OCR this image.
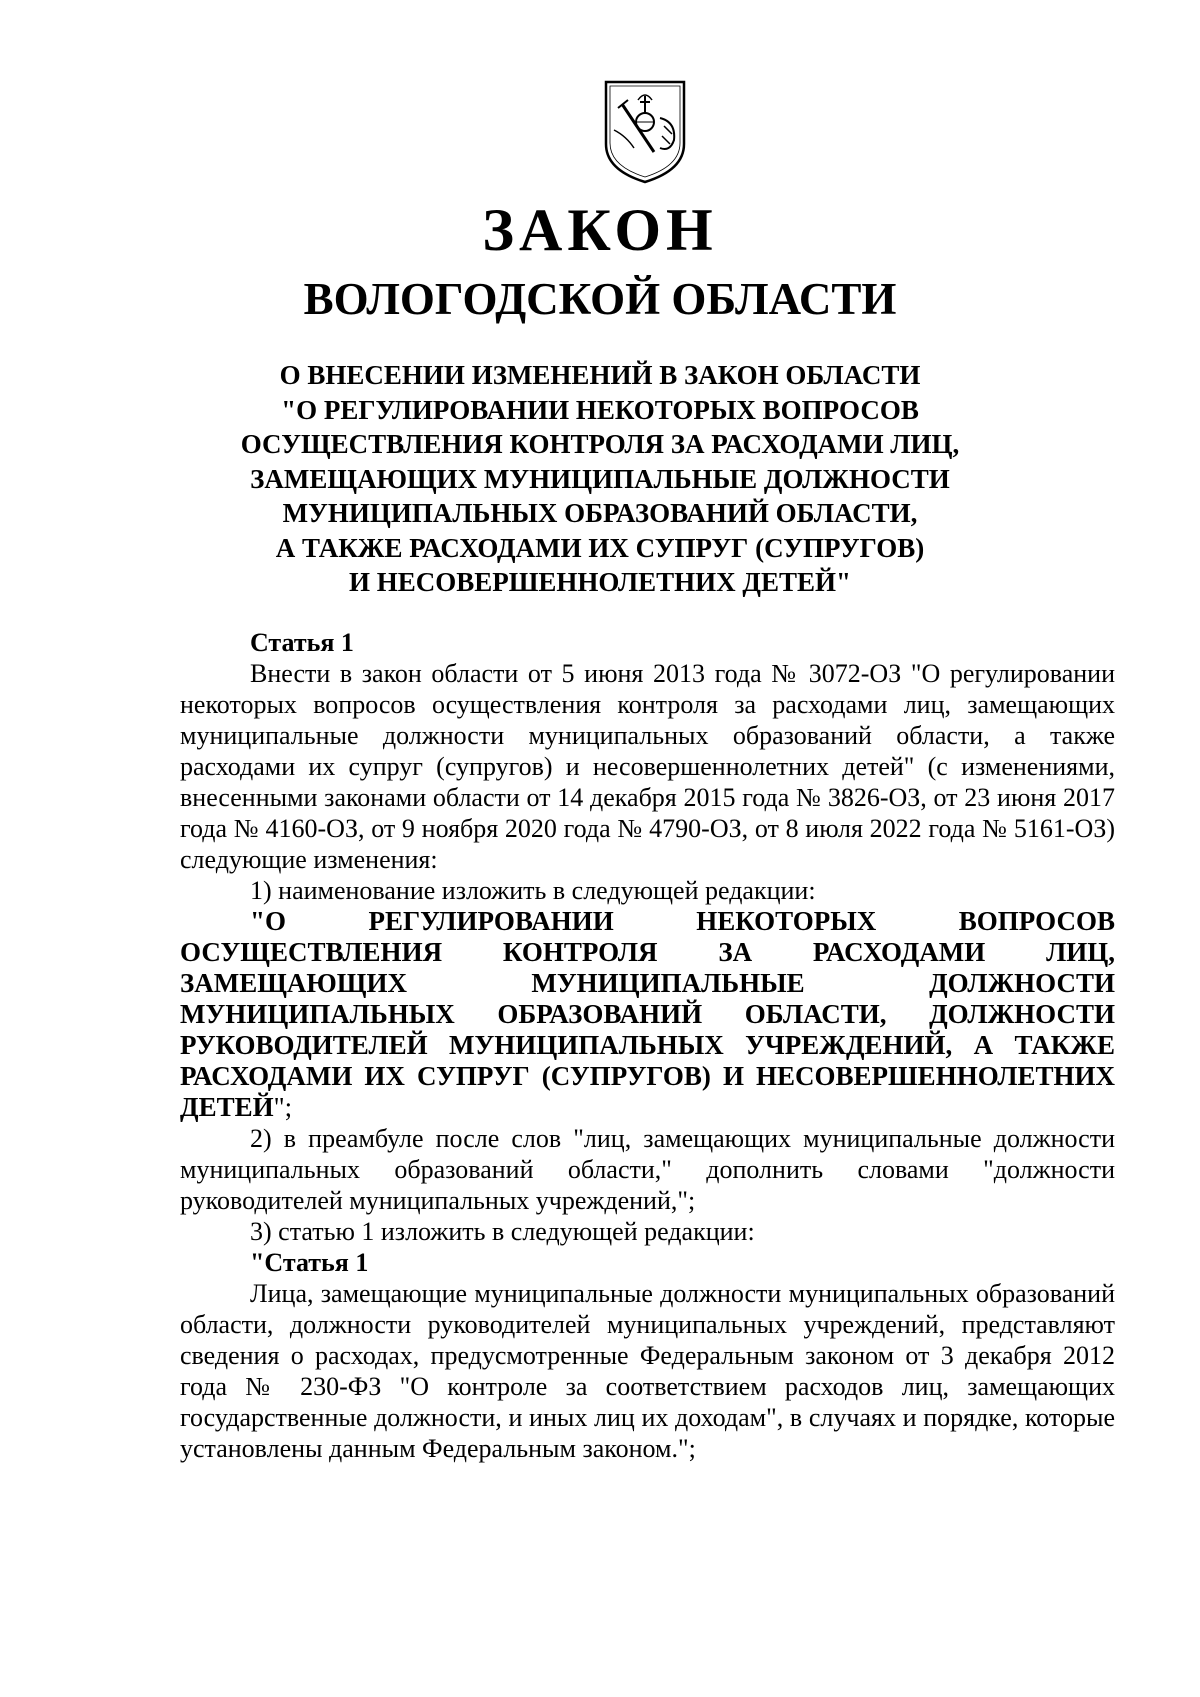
ЗАКОН
ВОЛОГОДСКОЙ ОБЛАСТИ
О ВНЕСЕНИИ ИЗМЕНЕНИЙ В ЗАКОН ОБЛАСТИ
"О РЕГУЛИРОВАНИИ НЕКОТОРЫХ ВОПРОСОВ
ОСУЩЕСТВЛЕНИЯ КОНТРОЛЯ ЗА РАСХОДАМИ ЛИЦ,
ЗАМЕЩАЮЩИХ МУНИЦИПАЛЬНЫЕ ДОЛЖНОСТИ
МУНИЦИПАЛЬНЫХ ОБРАЗОВАНИЙ ОБЛАСТИ,
А ТАКЖЕ РАСХОДАМИ ИХ СУПРУГ (СУПРУГОВ)
И НЕСОВЕРШЕННОЛЕТНИХ ДЕТЕЙ"

Статья 1

Внести в закон области от 5 июня 2013 года № 3072-ОЗ "О регулировании некоторых вопросов осуществления контроля за расходами лиц, замещающих муниципальные должности муниципальных образований области, а также расходами их супруг (супругов) и несовершеннолетних детей" (с изменениями, внесенными законами области от 14 декабря 2015 года № 3826-ОЗ, от 23 июня 2017 года № 4160-ОЗ, от 9 ноября 2020 года № 4790-ОЗ, от 8 июля 2022 года № 5161-ОЗ) следующие изменения:

1) наименование изложить в следующей редакции:

"О РЕГУЛИРОВАНИИ НЕКОТОРЫХ ВОПРОСОВ ОСУЩЕСТВЛЕНИЯ КОНТРОЛЯ ЗА РАСХОДАМИ ЛИЦ, ЗАМЕЩАЮЩИХ МУНИЦИПАЛЬНЫЕ ДОЛЖНОСТИ МУНИЦИПАЛЬНЫХ ОБРАЗОВАНИЙ ОБЛАСТИ, ДОЛЖНОСТИ РУКОВОДИТЕЛЕЙ МУНИЦИПАЛЬНЫХ УЧРЕЖДЕНИЙ, А ТАКЖЕ РАСХОДАМИ ИХ СУПРУГ (СУПРУГОВ) И НЕСОВЕРШЕННОЛЕТНИХ ДЕТЕЙ";

2) в преамбуле после слов "лиц, замещающих муниципальные должности муниципальных образований области," дополнить словами "должности руководителей муниципальных учреждений,";

3) статью 1 изложить в следующей редакции:

"Статья 1

Лица, замещающие муниципальные должности муниципальных образований области, должности руководителей муниципальных учреждений, представляют сведения о расходах, предусмотренные Федеральным законом от 3 декабря 2012 года № 230-ФЗ "О контроле за соответствием расходов лиц, замещающих государственные должности, и иных лиц их доходам", в случаях и порядке, которые установлены данным Федеральным законом.";
